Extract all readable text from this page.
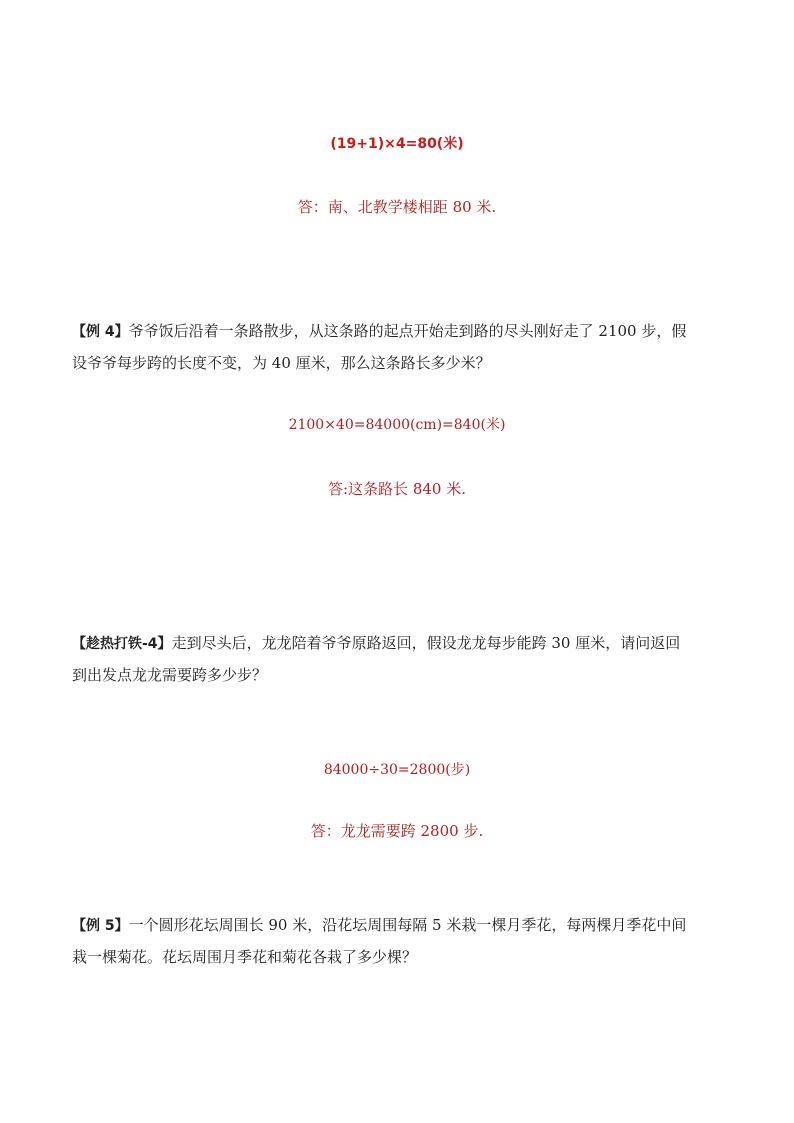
(19+1)×4=80(米)
答：南、北教学楼相距 80 米.
【例 4】爷爷饭后沿着一条路散步，从这条路的起点开始走到路的尽头刚好走了 2100 步，假
设爷爷每步跨的长度不变，为 40 厘米，那么这条路长多少米？
2100×40=84000(cm)=840(米)
答:这条路长 840 米.
【趁热打铁-4】走到尽头后，龙龙陪着爷爷原路返回，假设龙龙每步能跨 30 厘米，请问返回
到出发点龙龙需要跨多少步？
84000÷30=2800(步)
答：龙龙需要跨 2800 步.
【例 5】一个圆形花坛周围长 90 米，沿花坛周围每隔 5 米栽一棵月季花，每两棵月季花中间
栽一棵菊花。花坛周围月季花和菊花各栽了多少棵？
